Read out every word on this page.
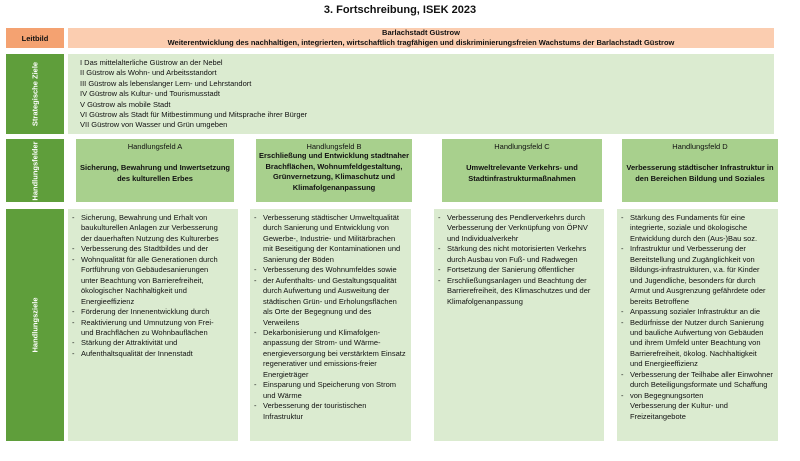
3. Fortschreibung, ISEK 2023
Leitbild
Barlachstadt Güstrow
Weiterentwicklung des nachhaltigen, integrierten, wirtschaftlich tragfähigen und diskriminierungsfreien Wachstums der Barlachstadt Güstrow
Strategische Ziele	I Das mittelalterliche Güstrow an der Nebel
II Güstrow als Wohn- und Arbeitsstandort
III Güstrow als lebenslanger Lern- und Lehrstandort
IV Güstrow als Kultur- und Tourismusstadt
V Güstrow als mobile Stadt
VI Güstrow als Stadt für Mitbestimmung und Mitsprache ihrer Bürger
VII Güstrow von Wasser und Grün umgeben
Handlungsfelder	Handlungsfeld A
Sicherung, Bewahrung und Inwertsetzung
des kulturellen Erbes
Handlungsfeld B
Erschließung und Entwicklung stadtnaher
Brachflächen, Wohnumfeldgestaltung,
Grünvernetzung, Klimaschutz und
Klimafolgenanpassung
Handlungsfeld C
Umweltrelevante Verkehrs- und
Stadtinfrastrukturmaßnahmen
Handlungsfeld D
Verbesserung städtischer Infrastruktur in
den Bereichen Bildung und Soziales
Handlungsziele
- Sicherung, Bewahrung und Erhalt von
baukulturellen Anlagen zur Verbesserung
der dauerhaften Nutzung des Kulturerbes
- Verbesserung des Stadtbildes und der
- Wohnqualität für alle Generationen durch
Fortführung von Gebäudesanierungen
unter Beachtung von Barrierefreiheit,
ökologischer Nachhaltigkeit und
Energieeffizienz
- Förderung der Innenentwicklung durch
- Reaktivierung und Umnutzung von Frei-
und Brachflächen zu Wohnbauflächen
- Stärkung der Attraktivität und
- Aufenthaltsqualität der Innenstadt
- Verbesserung städtischer Umweltqualität
durch Sanierung und Entwicklung von
Gewerbe-, Industrie- und Militärbrachen
mit Beseitigung der Kontaminationen und
Sanierung der Böden
- Verbesserung des Wohnumfeldes sowie
- der Aufenthalts- und Gestaltungsqualität
durch Aufwertung und Ausweitung der
städtischen Grün- und Erholungsflächen
als Orte der Begegnung und des
Verweilens
- Dekarbonisierung und Klimafolgen-
anpassung der Strom- und Wärme-
energieversorgung bei verstärktem Einsatz
regenerativer und emissions-freier
Energieträger
- Einsparung und Speicherung von Strom
und Wärme
- Verbesserung der touristischen
Infrastruktur
- Verbesserung des Pendlerverkehrs durch
Verbesserung der Verknüpfung von ÖPNV
und Individualverkehr
- Stärkung des nicht motorisierten Verkehrs
durch Ausbau von Fuß- und Radwegen
- Fortsetzung der Sanierung öffentlicher
- Erschließungsanlagen und Beachtung der
Barrierefreiheit, des Klimaschutzes und der
Klimafolgenanpassung
- Stärkung des Fundaments für eine
integrierte, soziale und ökologische
Entwicklung durch den (Aus-)Bau soz.
- Infrastruktur und Verbesserung der
Bereitstellung und Zugänglichkeit von
Bildungs-infrastrukturen, v.a. für Kinder
und Jugendliche, besonders für durch
Armut und Ausgrenzung gefährdete oder
bereits Betroffene
- Anpassung sozialer Infrastruktur an die
- Bedürfnisse der Nutzer durch Sanierung
und bauliche Aufwertung von Gebäuden
und ihrem Umfeld unter Beachtung von
Barrierefreiheit, ökolog. Nachhaltigkeit
und Energieeffizienz
- Verbesserung der Teilhabe aller Einwohner
durch Beteiligungsformate und Schaffung
- von Begegnungsorten
Verbesserung der Kultur- und
Freizeitangebote
